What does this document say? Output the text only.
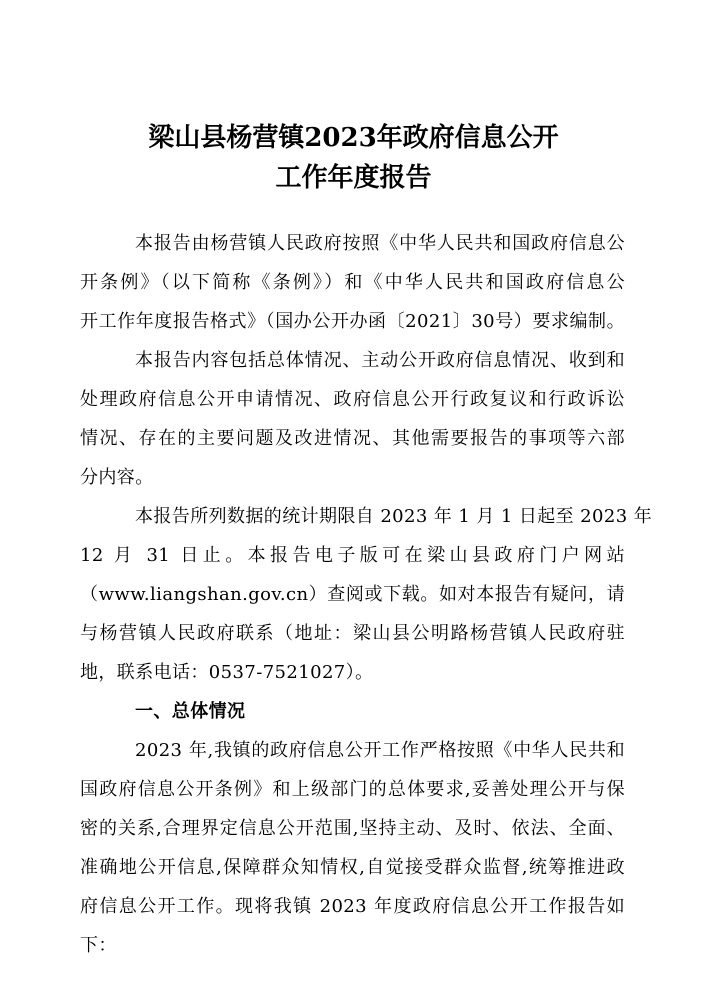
梁山县杨营镇2023年政府信息公开
工作年度报告
本报告由杨营镇人民政府按照《中华人民共和国政府信息公
开条例》（以下简称《条例》）和《中华人民共和国政府信息公
开工作年度报告格式》（国办公开办函〔2021〕30号）要求编制。
本报告内容包括总体情况、主动公开政府信息情况、收到和
处理政府信息公开申请情况、政府信息公开行政复议和行政诉讼
情况、存在的主要问题及改进情况、其他需要报告的事项等六部
分内容。
本报告所列数据的统计期限自 2023 年 1 月 1 日起至 2023 年
12 月 31 日止。本报告电子版可在梁山县政府门户网站
（www.liangshan.gov.cn）查阅或下载。如对本报告有疑问，请
与杨营镇人民政府联系（地址：梁山县公明路杨营镇人民政府驻
地，联系电话：0537-7521027）。
一、总体情况
2023 年,我镇的政府信息公开工作严格按照《中华人民共和
国政府信息公开条例》和上级部门的总体要求,妥善处理公开与保
密的关系,合理界定信息公开范围,坚持主动、及时、依法、全面、
准确地公开信息,保障群众知情权,自觉接受群众监督,统筹推进政
府信息公开工作。现将我镇 2023 年度政府信息公开工作报告如
下：
